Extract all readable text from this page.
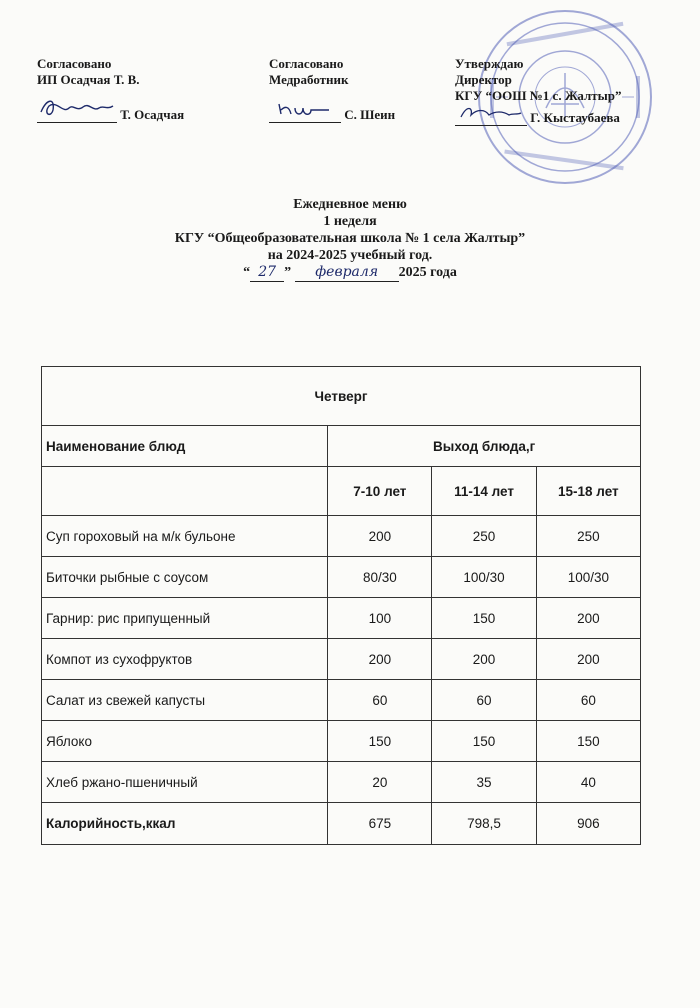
Согласовано
ИП Осадчая Т. В.
Т. Осадчая
Согласовано
Медработник
С. Шеин
Утверждаю
Директор
КГУ “ООШ №1 с. Жалтыр”
Г. Кыстаубаева
Ежедневное меню
1 неделя
КГУ “Общеобразовательная школа № 1 села Жалтыр”
на 2024-2025 учебный год.
“ 27 ” февраля 2025 года
Четверг			
Наименование блюд	Выход блюда,г		
	7-10 лет	11-14 лет	15-18 лет
Суп гороховый на м/к бульоне	200	250	250
Биточки рыбные с соусом	80/30	100/30	100/30
Гарнир: рис припущенный	100	150	200
Компот из сухофруктов	200	200	200
Салат из свежей капусты	60	60	60
Яблоко	150	150	150
Хлеб ржано-пшеничный	20	35	40
Калорийность,ккал	675	798,5	906
